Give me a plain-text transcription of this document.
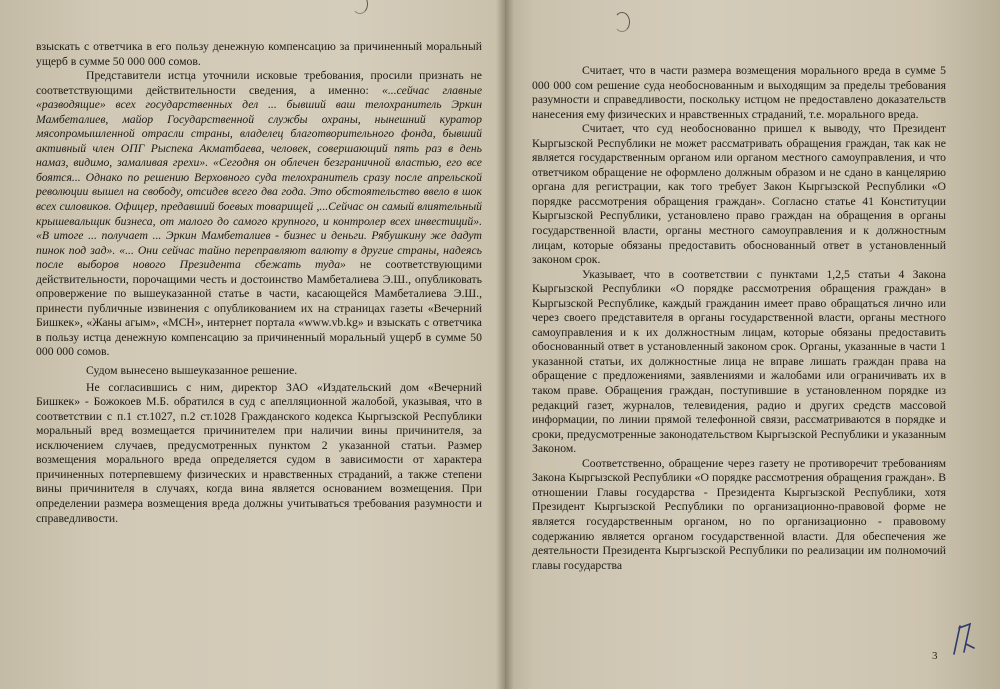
взыскать с ответчика в его пользу денежную компенсацию за причиненный моральный ущерб в сумме 50 000 000 сомов.

Представители истца уточнили исковые требования, просили признать не соответствующими действительности сведения, а именно: «...сейчас главные «разводящие» всех государственных дел ... бывший ваш телохранитель Эркин Мамбеталиев, майор Государственной службы охраны, нынешний куратор мясопромышленной отрасли страны, владелец благотворительного фонда, бывший активный член ОПГ Рыспека Акматбаева, человек, совершающий пять раз в день намаз, видимо, замаливая грехи». «Сегодня он облечен безграничной властью, его все боятся... Однако по решению Верховного суда телохранитель сразу после апрельской революции вышел на свободу, отсидев всего два года. Это обстоятельство ввело в шок всех силовиков. Офицер, предавший боевых товарищей ,...Сейчас он самый влиятельный крышевальщик бизнеса, от малого до самого крупного, и контролер всех инвестиций». «В итоге ... получает ... Эркин Мамбеталиев - бизнес и деньги. Рябушкину же дадут пинок под зад». «... Они сейчас тайно переправляют валюту в другие страны, надеясь после выборов нового Президента сбежать туда» не соответствующими действительности, порочащими честь и достоинство Мамбеталиева Э.Ш., опубликовать опровержение по вышеуказанной статье в части, касающейся Мамбеталиева Э.Ш., принести публичные извинения с опубликованием их на страницах газеты «Вечерний Бишкек», «Жаны агым», «МСН», интернет портала «www.vb.kg» и взыскать с ответчика в пользу истца денежную компенсацию за причиненный моральный ущерб в сумме 50 000 000 сомов.

Судом вынесено вышеуказанное решение.

Не согласившись с ним, директор ЗАО «Издательский дом «Вечерний Бишкек» - Божокоев М.Б. обратился в суд с апелляционной жалобой, указывая, что в соответствии с п.1 ст.1027, п.2 ст.1028 Гражданского кодекса Кыргызской Республики моральный вред возмещается причинителем при наличии вины причинителя, за исключением случаев, предусмотренных пунктом 2 указанной статьи. Размер возмещения морального вреда определяется судом в зависимости от характера причиненных потерпевшему физических и нравственных страданий, а также степени вины причинителя в случаях, когда вина является основанием возмещения. При определении размера возмещения вреда должны учитываться требования разумности и справедливости.

Считает, что в части размера возмещения морального вреда в сумме 5 000 000 сом решение суда необоснованным и выходящим за пределы требования разумности и справедливости, поскольку истцом не предоставлено доказательств нанесения ему физических и нравственных страданий, т.е. морального вреда.

Считает, что суд необоснованно пришел к выводу, что Президент Кыргызской Республики не может рассматривать обращения граждан, так как не является государственным органом или органом местного самоуправления, и что ответчиком обращение не оформлено должным образом и не сдано в канцелярию органа для регистрации, как того требует Закон Кыргызской Республики «О порядке рассмотрения обращения граждан». Согласно статье 41 Конституции Кыргызской Республики, установлено право граждан на обращения в органы государственной власти, органы местного самоуправления и к должностным лицам, которые обязаны предоставить обоснованный ответ в установленный законом срок.

Указывает, что в соответствии с пунктами 1,2,5 статьи 4 Закона Кыргызской Республики «О порядке рассмотрения обращения граждан» в Кыргызской Республике, каждый гражданин имеет право обращаться лично или через своего представителя в органы государственной власти, органы местного самоуправления и к их должностным лицам, которые обязаны предоставить обоснованный ответ в установленный законом срок. Органы, указанные в части 1 указанной статьи, их должностные лица не вправе лишать граждан права на обращение с предложениями, заявлениями и жалобами или ограничивать их в таком праве. Обращения граждан, поступившие в установленном порядке из редакций газет, журналов, телевидения, радио и других средств массовой информации, по линии прямой телефонной связи, рассматриваются в порядке и сроки, предусмотренные законодательством Кыргызской Республики и указанным Законом.

Соответственно, обращение через газету не противоречит требованиям Закона Кыргызской Республики «О порядке рассмотрения обращения граждан». В отношении Главы государства - Президента Кыргызской Республики, хотя Президент Кыргызской Республики по организационно-правовой форме не является государственным органом, но по организационно - правовому содержанию является органом государственной власти. Для обеспечения же деятельности Президента Кыргызской Республики по реализации им полномочий главы государства

3
